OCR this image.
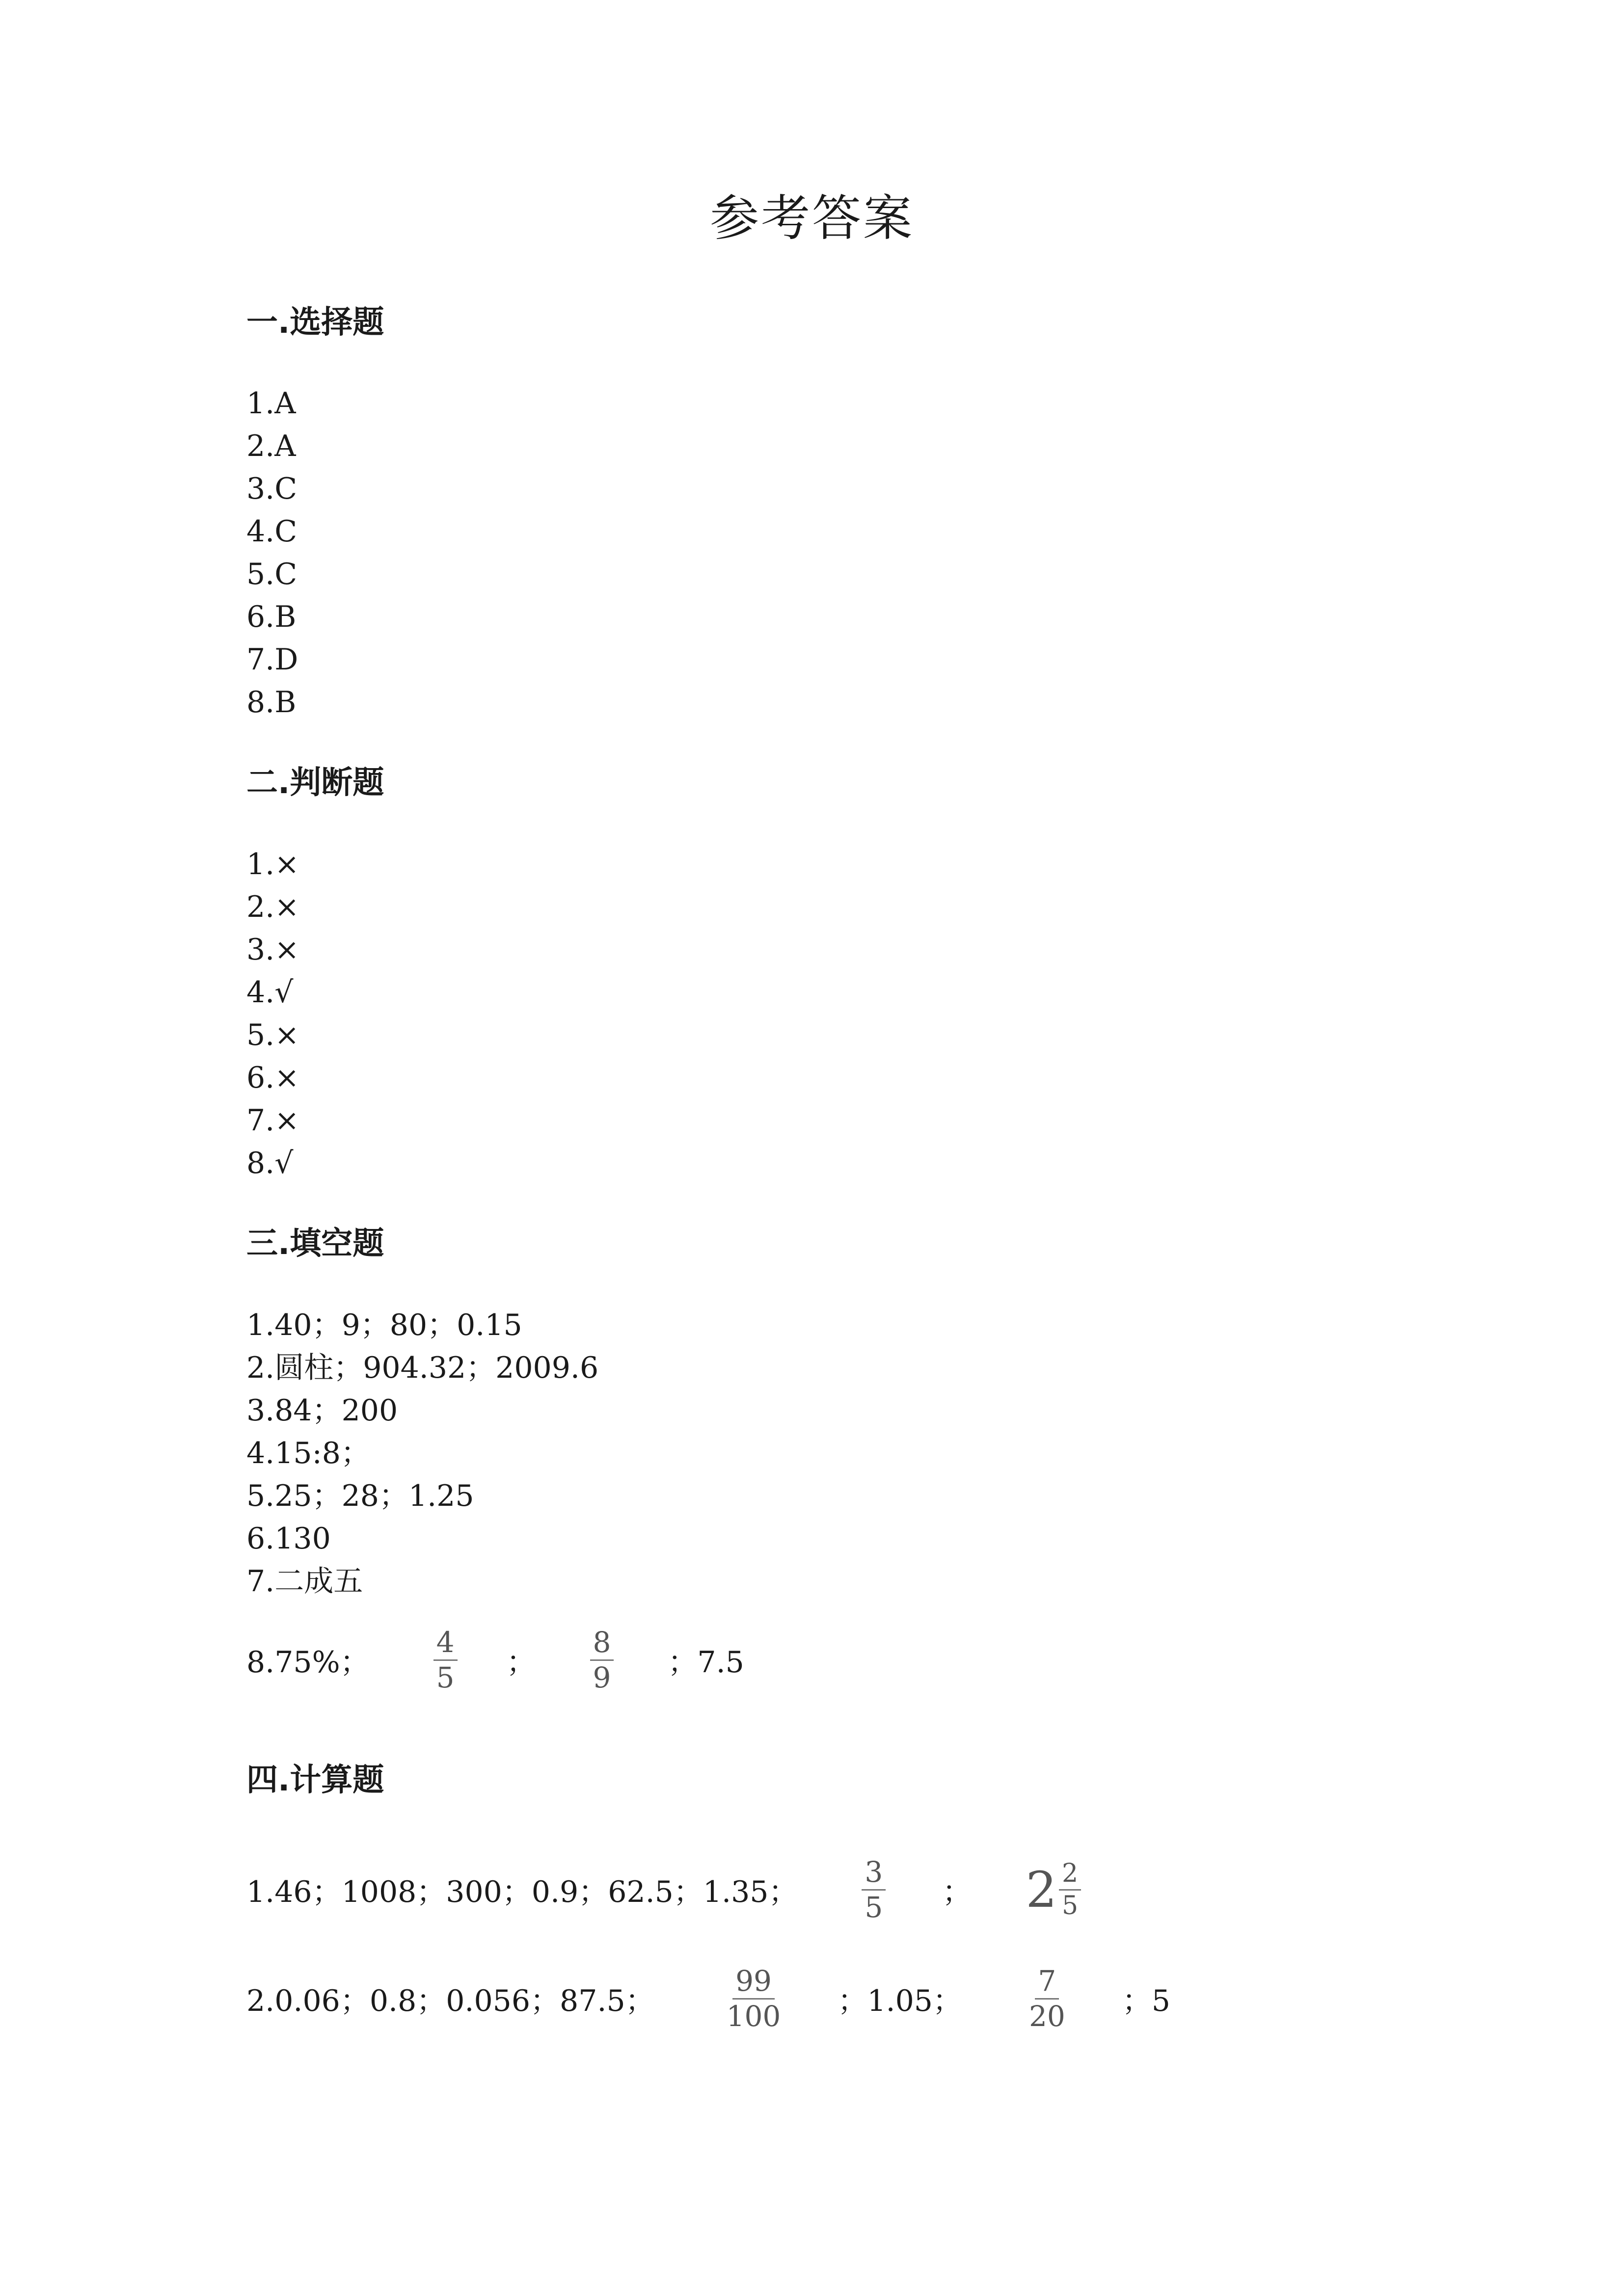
参考答案
一.选择题
1.A
2.A
3.C
4.C
5.C
6.B
7.D
8.B
二.判断题
1.×
2.×
3.×
4.√
5.×
6.×
7.×
8.√
三.填空题
1.40；9；80；0.15
2.圆柱；904.32；2009.6
3.84；200
4.15:8；
5.25；28；1.25
6.130
7.二成五
8.75%； $\frac{4}{5}$ ； $\frac{8}{9}$ ；7.5
四.计算题
1.46；1008；300；0.9；62.5；1.35； $\frac{3}{5}$ ； $2 \frac{2}{5}$
2.0.06；0.8；0.056；87.5； $\frac{99}{100}$ ；1.05； $\frac{7}{20}$ ；5
